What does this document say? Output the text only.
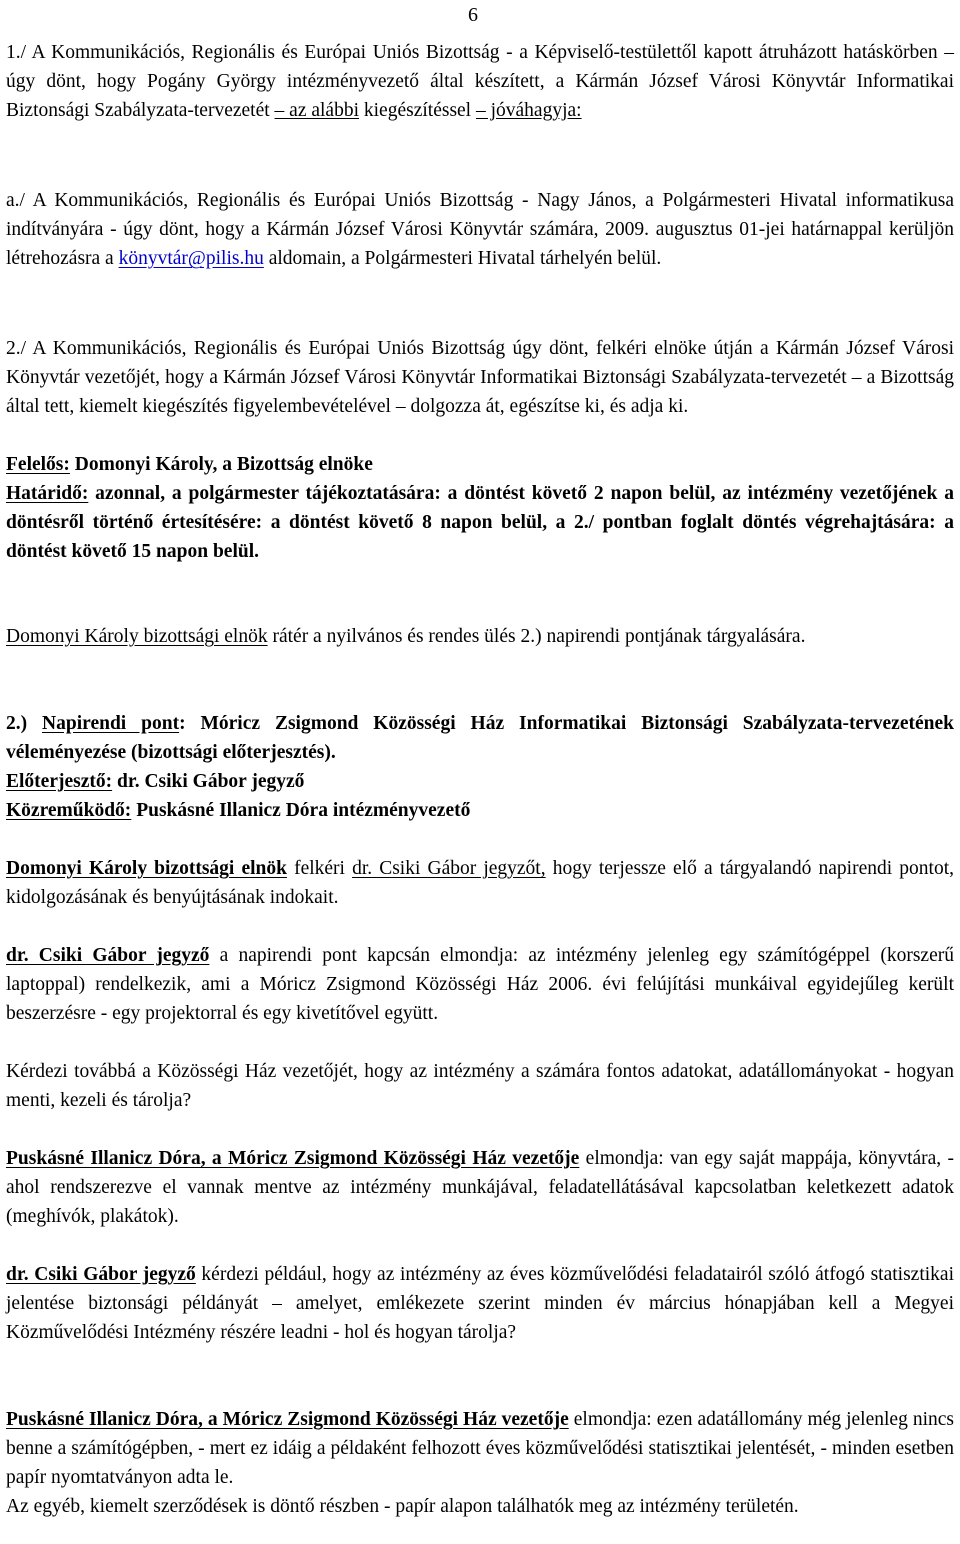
6

1./ A Kommunikációs, Regionális és Európai Uniós Bizottság - a Képviselő-testülettől kapott átruházott hatáskörben – úgy dönt, hogy Pogány György intézményvezető által készített, a Kármán József Városi Könyvtár Informatikai Biztonsági Szabályzata-tervezetét – az alábbi kiegészítéssel – jóváhagyja:

a./ A Kommunikációs, Regionális és Európai Uniós Bizottság - Nagy János, a Polgármesteri Hivatal informatikusa indítványára - úgy dönt, hogy a Kármán József Városi Könyvtár számára, 2009. augusztus 01-jei határnappal kerüljön létrehozásra a könyvtár@pilis.hu aldomain, a Polgármesteri Hivatal tárhelyén belül.

2./ A Kommunikációs, Regionális és Európai Uniós Bizottság úgy dönt, felkéri elnöke útján a Kármán József Városi Könyvtár vezetőjét, hogy a Kármán József Városi Könyvtár Informatikai Biztonsági Szabályzata-tervezetét – a Bizottság által tett, kiemelt kiegészítés figyelembevételével – dolgozza át, egészítse ki, és adja ki.

Felelős: Domonyi Károly, a Bizottság elnöke

Határidő: azonnal, a polgármester tájékoztatására: a döntést követő 2 napon belül, az intézmény vezetőjének a döntésről történő értesítésére: a döntést követő 8 napon belül, a 2./ pontban foglalt döntés végrehajtására: a döntést követő 15 napon belül.

Domonyi Károly bizottsági elnök rátér a nyilvános és rendes ülés 2.) napirendi pontjának tárgyalására.

2.) Napirendi pont: Móricz Zsigmond Közösségi Ház Informatikai Biztonsági Szabályzata-tervezetének véleményezése (bizottsági előterjesztés).

Előterjesztő: dr. Csiki Gábor jegyző

Közreműködő: Puskásné Illanicz Dóra intézményvezető

Domonyi Károly bizottsági elnök felkéri dr. Csiki Gábor jegyzőt, hogy terjessze elő a tárgyalandó napirendi pontot, kidolgozásának és benyújtásának indokait.

dr. Csiki Gábor jegyző a napirendi pont kapcsán elmondja: az intézmény jelenleg egy számítógéppel (korszerű laptoppal) rendelkezik, ami a Móricz Zsigmond Közösségi Ház 2006. évi felújítási munkáival egyidejűleg került beszerzésre - egy projektorral és egy kivetítővel együtt.

Kérdezi továbbá a Közösségi Ház vezetőjét, hogy az intézmény a számára fontos adatokat, adatállományokat - hogyan menti, kezeli és tárolja?

Puskásné Illanicz Dóra, a Móricz Zsigmond Közösségi Ház vezetője elmondja: van egy saját mappája, könyvtára, - ahol rendszerezve el vannak mentve az intézmény munkájával, feladatellátásával kapcsolatban keletkezett adatok (meghívók, plakátok).

dr. Csiki Gábor jegyző kérdezi például, hogy az intézmény az éves közművelődési feladatairól szóló átfogó statisztikai jelentése biztonsági példányát – amelyet, emlékezete szerint minden év március hónapjában kell a Megyei Közművelődési Intézmény részére leadni - hol és hogyan tárolja?

Puskásné Illanicz Dóra, a Móricz Zsigmond Közösségi Ház vezetője elmondja: ezen adatállomány még jelenleg nincs benne a számítógépben, - mert ez idáig a példaként felhozott éves közművelődési statisztikai jelentését, - minden esetben papír nyomtatványon adta le.

Az egyéb, kiemelt szerződések is döntő részben - papír alapon találhatók meg az intézmény területén.
